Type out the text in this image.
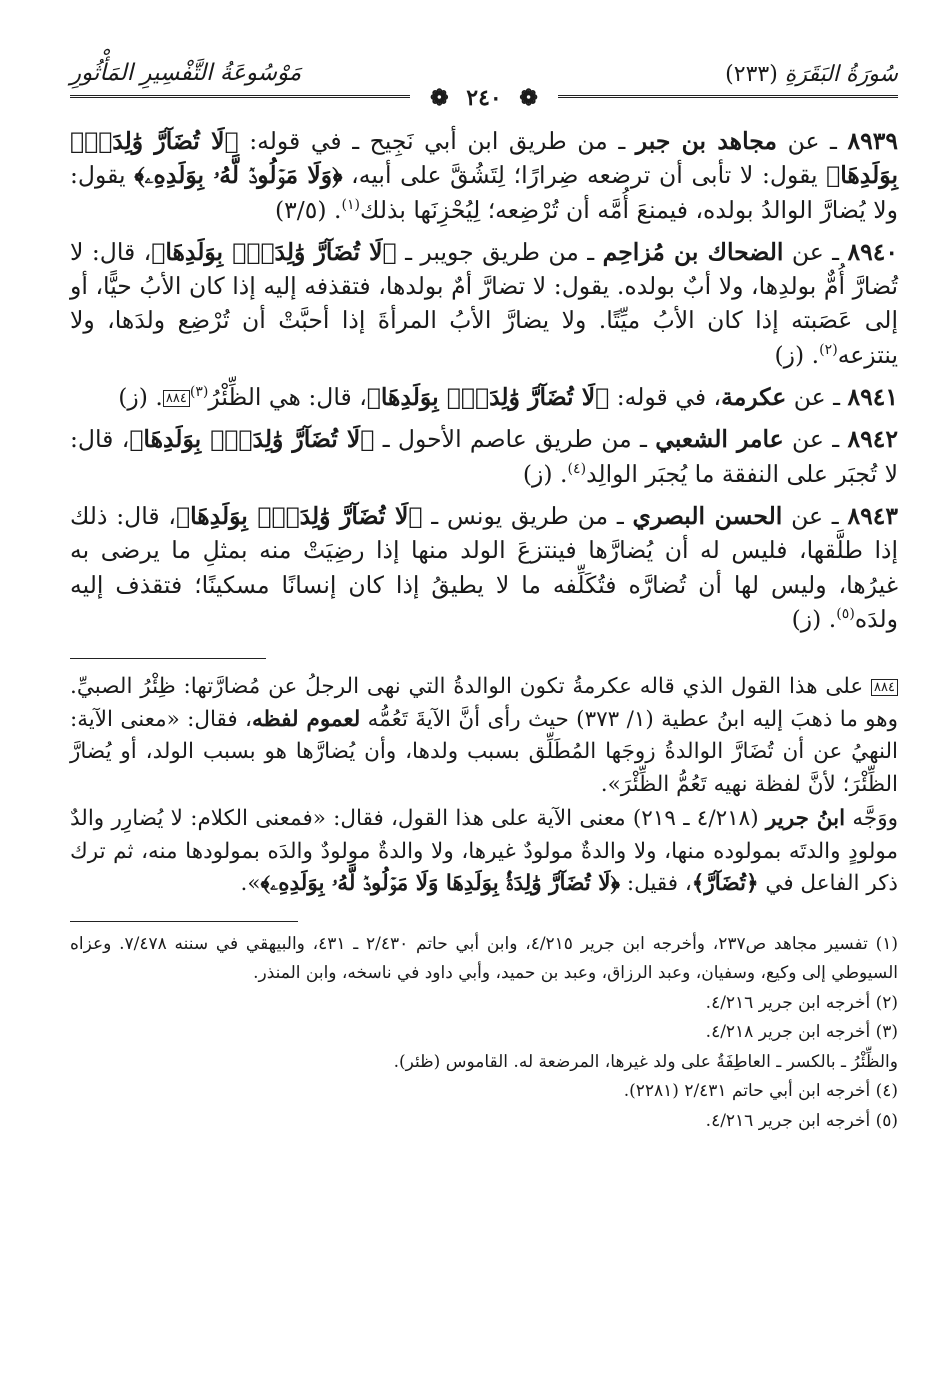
سُورَةُ البَقَرَةِ (٢٣٣)
مَوْسُوعَةُ التَّفْسِيرِ المَأْثُورِ
❁ ٢٤٠ ❁

٨٩٣٩ ـ عن مجاهد بن جبر ـ من طريق ابن أبي نَجِيح ـ في قوله: ﴿لَا تُضَآرَّ وَٰلِدَةُۢ بِوَلَدِهَا﴾ يقول: لا تأبى أن ترضعه ضِرارًا؛ لِتَشُقَّ على أبيه، ﴿وَلَا مَوۡلُودٞ لَّهُۥ بِوَلَدِهِۦ﴾ يقول: ولا يُضارَّ الوالدُ بولده، فيمنعَ أُمَّه أن تُرْضِعه؛ لِيُحْزِنَها بذلك$^{(١)}$. (٣/٥)

٨٩٤٠ ـ عن الضحاك بن مُزاحِم ـ من طريق جويبر ـ ﴿لَا تُضَآرَّ وَٰلِدَةُۢ بِوَلَدِهَا﴾، قال: لا تُضارَّ أُمٌّ بولدِها، ولا أبٌ بولده. يقول: لا تضارَّ أمٌ بولدها، فتقذفه إليه إذا كان الأبُ حيًّا، أو إلى عَصَبته إذا كان الأبُ ميِّتًا. ولا يضارَّ الأبُ المرأةَ إذا أحبَّتْ أن تُرْضِع ولدَها، ولا ينتزعه$^{(٢)}$. (ز)

٨٩٤١ ـ عن عكرمة، في قوله: ﴿لَا تُضَآرَّ وَٰلِدَةُۢ بِوَلَدِهَا﴾، قال: هي الظِّئْرُ$^{(٣)}$٨٨٤. (ز)

٨٩٤٢ ـ عن عامر الشعبي ـ من طريق عاصم الأحول ـ ﴿لَا تُضَآرَّ وَٰلِدَةُۢ بِوَلَدِهَا﴾، قال: لا تُجبَر على النفقة ما يُجبَر الوالِد$^{(٤)}$. (ز)

٨٩٤٣ ـ عن الحسن البصري ـ من طريق يونس ـ ﴿لَا تُضَآرَّ وَٰلِدَةُۢ بِوَلَدِهَا﴾، قال: ذلك إذا طلَّقها، فليس له أن يُضارَّها فينتزعَ الولد منها إذا رضِيَتْ منه بمثلِ ما يرضى به غيرُها، وليس لها أن تُضارَّه فتُكَلِّفه ما لا يطيقُ إذا كان إنسانًا مسكينًا؛ فتقذف إليه ولدَه$^{(٥)}$. (ز)

٨٨٤ على هذا القول الذي قاله عكرمةُ تكون الوالدةُ التي نهى الرجلُ عن مُضارَّتها: ظِئْرُ الصبيِّ. وهو ما ذهبَ إليه ابنُ عطية (١/ ٣٧٣) حيث رأى أنَّ الآيةَ تَعُمُّه لعموم لفظه، فقال: «معنى الآية: النهيُ عن أن تُضَارَّ الوالدةُ زوجَها المُطَلِّق بسبب ولدها، وأن يُضارَّها هو بسبب الولد، أو يُضارَّ الظِّئْرَ؛ لأنَّ لفظة نهيه تَعُمُّ الظِّئْرَ».

ووَجَّه ابنُ جرير (٤/٢١٨ ـ ٢١٩) معنى الآية على هذا القول، فقال: «فمعنى الكلام: لا يُضارِر والدٌ مولودٍ والدتَه بمولوده منها، ولا والدةٌ مولودٌ غيرها، ولا والدةٌ مولودٌ والدَه بمولودها منه، ثم ترك ذكر الفاعل في ﴿تُضَآرَّ﴾، فقيل: ﴿لَا تُضَآرَّ وَٰلِدَةُۢ بِوَلَدِهَا وَلَا مَوۡلُودٞ لَّهُۥ بِوَلَدِهِۦ﴾».

(١) تفسير مجاهد ص٢٣٧، وأخرجه ابن جرير ٤/٢١٥، وابن أبي حاتم ٢/٤٣٠ ـ ٤٣١، والبيهقي في سننه ٧/٤٧٨. وعزاه السيوطي إلى وكيع، وسفيان، وعبد الرزاق، وعبد بن حميد، وأبي داود في ناسخه، وابن المنذر.

(٢) أخرجه ابن جرير ٤/٢١٦.

(٣) أخرجه ابن جرير ٤/٢١٨.

والظِّئْرُ ـ بالكسر ـ العاطِفَةُ على ولد غيرها، المرضعة له. القاموس (ظئر).

(٤) أخرجه ابن أبي حاتم ٢/٤٣١ (٢٢٨١).

(٥) أخرجه ابن جرير ٤/٢١٦.
